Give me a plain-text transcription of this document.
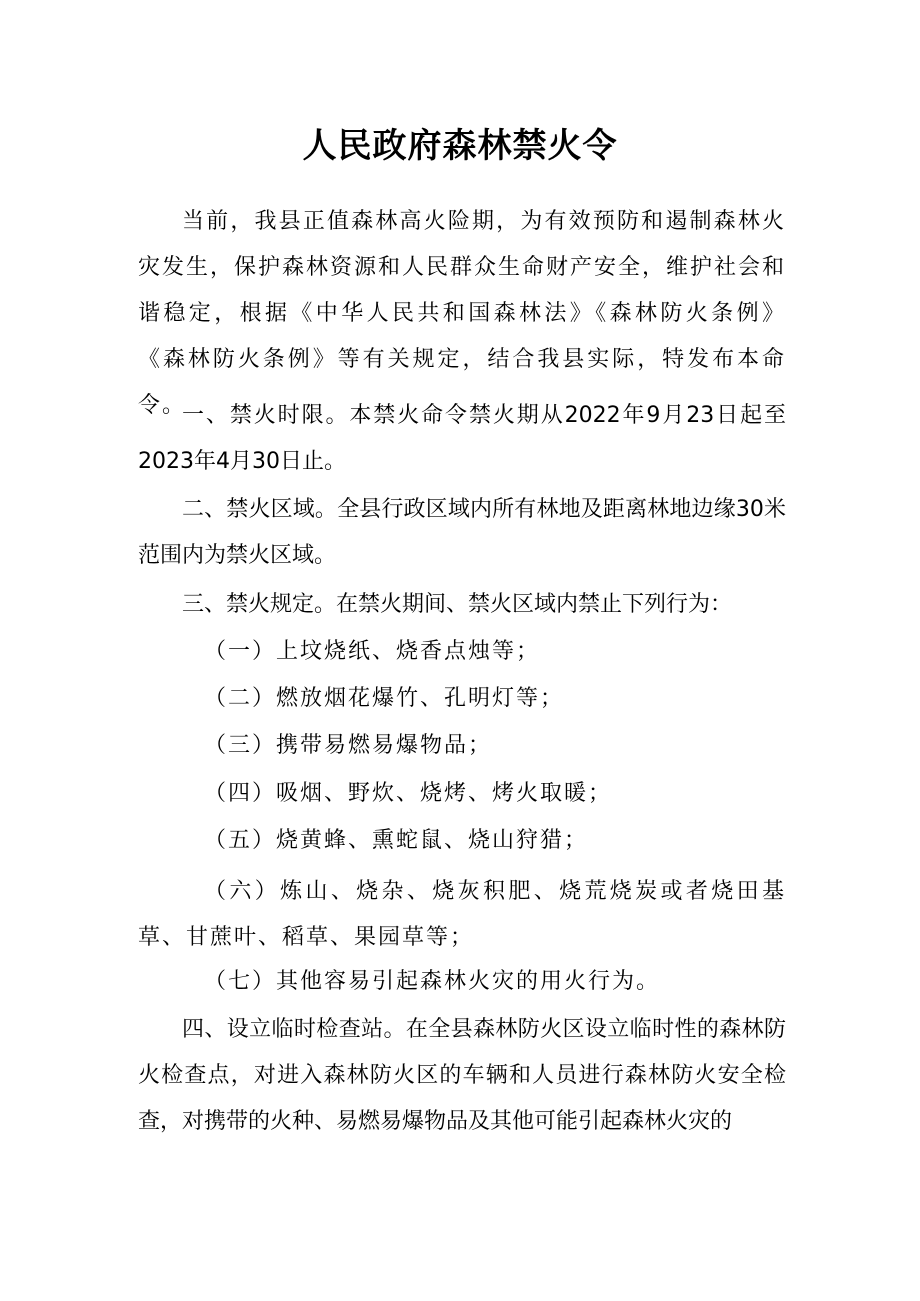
人民政府森林禁火令

当前，我县正值森林高火险期，为有效预防和遏制森林火灾发生，保护森林资源和人民群众生命财产安全，维护社会和谐稳定，根据《中华人民共和国森林法》《森林防火条例》《森林防火条例》等有关规定，结合我县实际，特发布本命令。

一、禁火时限。本禁火命令禁火期从2022年9月23日起至2023年4月30日止。

二、禁火区域。全县行政区域内所有林地及距离林地边缘30米范围内为禁火区域。

三、禁火规定。在禁火期间、禁火区域内禁止下列行为：

（一）上坟烧纸、烧香点烛等；

（二）燃放烟花爆竹、孔明灯等；

（三）携带易燃易爆物品；

（四）吸烟、野炊、烧烤、烤火取暖；

（五）烧黄蜂、熏蛇鼠、烧山狩猎；

（六）炼山、烧杂、烧灰积肥、烧荒烧炭或者烧田基草、甘蔗叶、稻草、果园草等；

（七）其他容易引起森林火灾的用火行为。

四、设立临时检查站。在全县森林防火区设立临时性的森林防火检查点，对进入森林防火区的车辆和人员进行森林防火安全检查，对携带的火种、易燃易爆物品及其他可能引起森林火灾的
